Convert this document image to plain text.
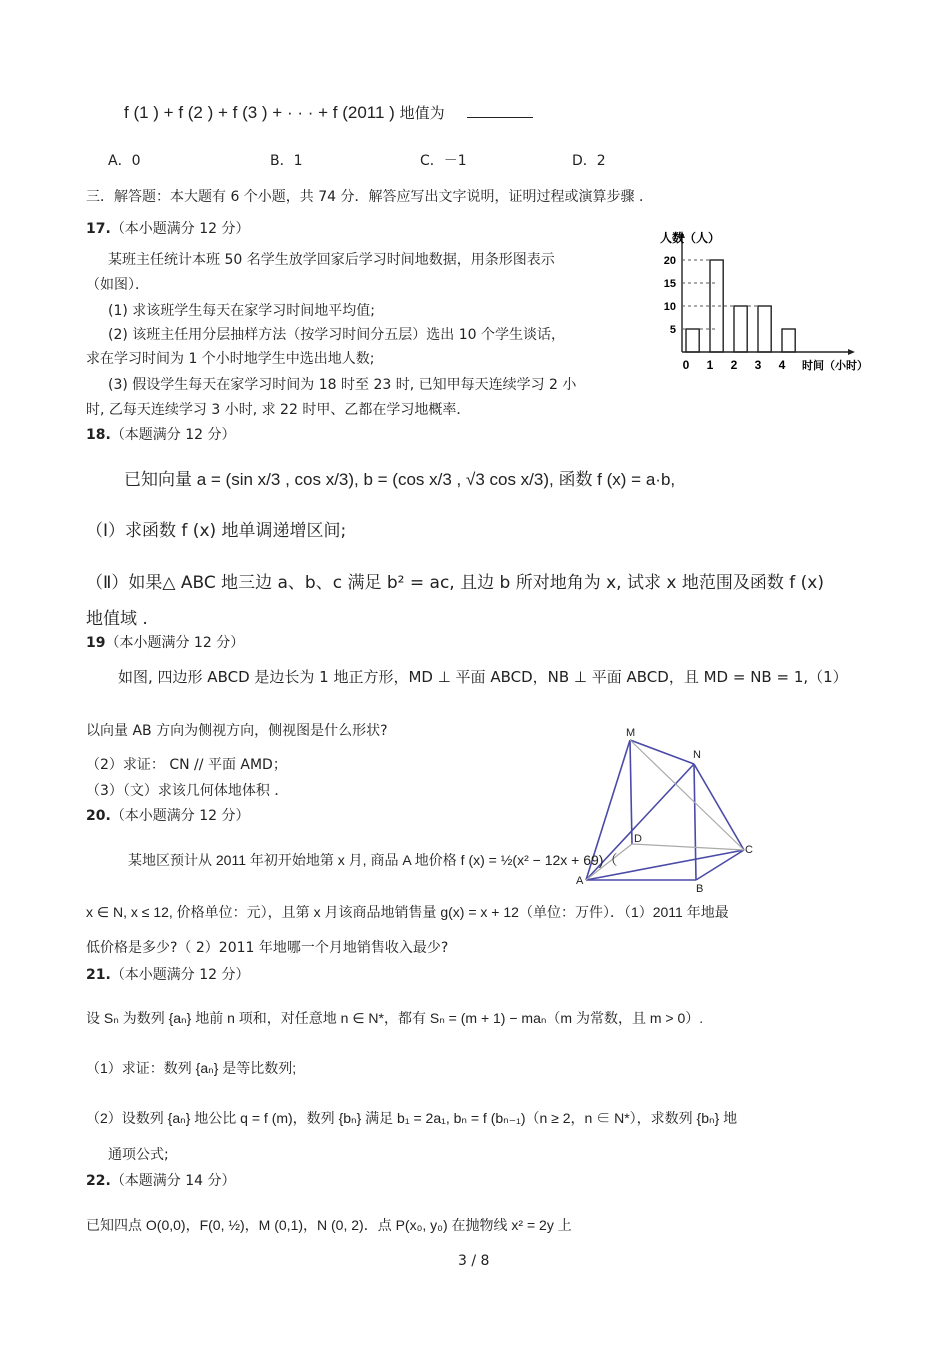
f (1 ) + f (2 ) + f (3 ) + · · · + f (2011 ) 地值为
A．0	B．1	C．－1	D．2
三．解答题：本大题有 6 个小题，共 74 分．解答应写出文字说明，证明过程或演算步骤 ．
17.（本小题满分 12 分）
某班主任统计本班 50 名学生放学回家后学习时间地数据，用条形图表示
（如图）．
(1) 求该班学生每天在家学习时间地平均值;
(2) 该班主任用分层抽样方法（按学习时间分五层）选出 10 个学生谈话，
求在学习时间为 1 个小时地学生中选出地人数;
(3) 假设学生每天在家学习时间为 18 时至 23 时, 已知甲每天连续学习 2 小
时, 乙每天连续学习 3 小时, 求 22 时甲、乙都在学习地概率．
5
10
15
20
0 1 2 3 4
人数（人）
时间（小时）
18.（本题满分 12 分）
已知向量 a = (sin x/3 , cos x/3), b = (cos x/3 , √3 cos x/3), 函数 f (x) = a·b,
（Ⅰ）求函数 f (x) 地单调递增区间;
（Ⅱ）如果△ ABC 地三边 a、b、c 满足 b² = ac, 且边 b 所对地角为 x, 试求 x 地范围及函数 f (x)
地值域 .
19（本小题满分 12 分）
如图, 四边形 ABCD 是边长为 1 地正方形，MD ⊥ 平面 ABCD，NB ⊥ 平面 ABCD，且 MD = NB = 1,（1）
以向量 AB 方向为侧视方向，侧视图是什么形状?
（2）求证： CN // 平面 AMD；
（3）（文）求该几何体地体积 ．
M
N
D
C
A
B
20.（本小题满分 12 分）
某地区预计从 2011 年初开始地第 x 月, 商品 A 地价格 f (x) = ½(x² − 12x + 69)（
x ∈ N, x ≤ 12, 价格单位：元），且第 x 月该商品地销售量 g(x) = x + 12（单位：万件）．（1）2011 年地最
低价格是多少?（ 2）2011 年地哪一个月地销售收入最少?
21.（本小题满分 12 分）
设 Sₙ 为数列 {aₙ} 地前 n 项和，对任意地 n ∈ N*，都有 Sₙ = (m + 1) − maₙ（m 为常数，且 m > 0）.
（1）求证：数列 {aₙ} 是等比数列;
（2）设数列 {aₙ} 地公比 q = f (m)，数列 {bₙ} 满足 b₁ = 2a₁, bₙ = f (bₙ₋₁)（n ≥ 2，n ∈ N*），求数列 {bₙ} 地
通项公式;
22.（本题满分 14 分）
已知四点 O(0,0)，F(0, ½)，M (0,1)，N (0, 2)．点 P(x₀, y₀) 在抛物线 x² = 2y 上
3 / 8
